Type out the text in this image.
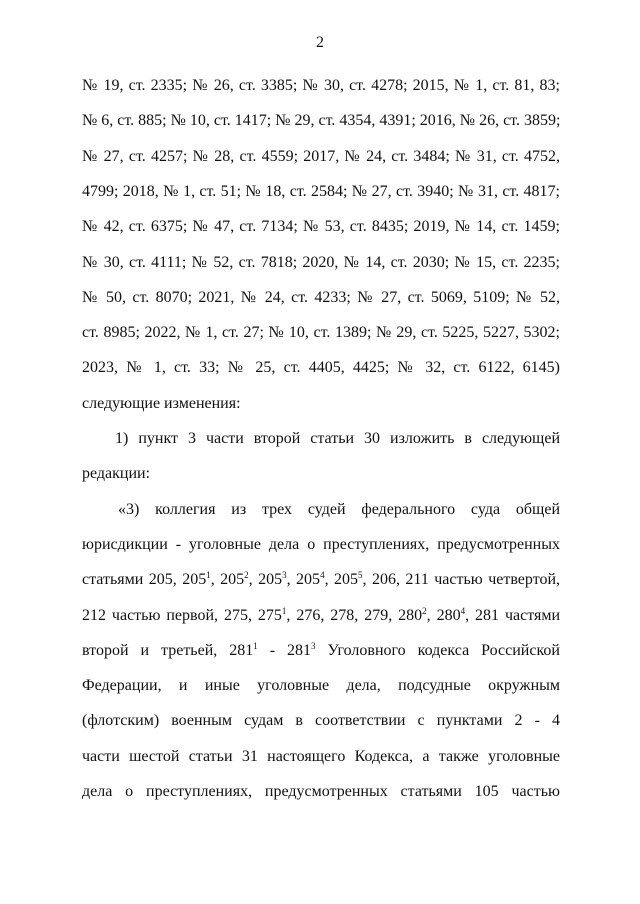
2
№ 19, ст. 2335; № 26, ст. 3385; № 30, ст. 4278; 2015, № 1, ст. 81, 83;
№ 6, ст. 885; № 10, ст. 1417; № 29, ст. 4354, 4391; 2016, № 26, ст. 3859;
№ 27, ст. 4257; № 28, ст. 4559; 2017, № 24, ст. 3484; № 31, ст. 4752,
4799; 2018, № 1, ст. 51; № 18, ст. 2584; № 27, ст. 3940; № 31, ст. 4817;
№ 42, ст. 6375; № 47, ст. 7134; № 53, ст. 8435; 2019, № 14, ст. 1459;
№ 30, ст. 4111; № 52, ст. 7818; 2020, № 14, ст. 2030; № 15, ст. 2235;
№ 50, ст. 8070; 2021, № 24, ст. 4233; № 27, ст. 5069, 5109; № 52,
ст. 8985; 2022, № 1, ст. 27; № 10, ст. 1389; № 29, ст. 5225, 5227, 5302;
2023, № 1, ст. 33; № 25, ст. 4405, 4425; № 32, ст. 6122, 6145)
следующие изменения:
1) пункт 3 части второй статьи 30 изложить в следующей
редакции:
«3) коллегия из трех судей федерального суда общей
юрисдикции - уголовные дела о преступлениях, предусмотренных
статьями 205, $205^1$, $205^2$, $205^3$, $205^4$, $205^5$, 206, 211 частью четвертой,
212 частью первой, 275, $275^1$, 276, 278, 279, $280^2$, $280^4$, 281 частями
второй и третьей, $281^1 - 281^3$ Уголовного кодекса Российской
Федерации, и иные уголовные дела, подсудные окружным
(флотским) военным судам в соответствии с пунктами 2 - 4
части шестой статьи 31 настоящего Кодекса, а также уголовные
дела о преступлениях, предусмотренных статьями 105 частью
